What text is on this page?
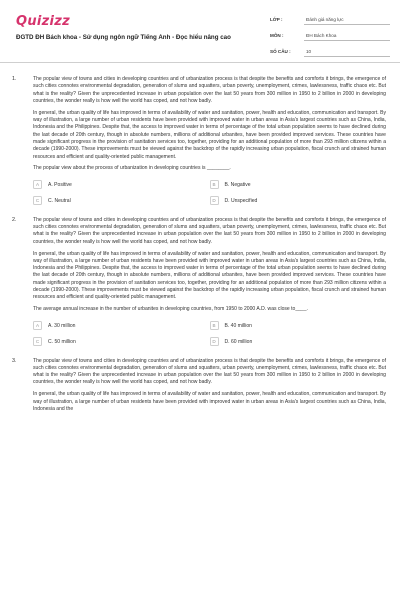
Quizizz
ĐGTD ĐH Bách khoa - Sử dụng ngôn ngữ Tiếng Anh - Đọc hiểu nâng cao
LỚP :	Đánh giá năng lực
MÔN :	ĐH Bách Khoa
SỐ CÂU :	10
1.	The popular view of towns and cities in developing countries and of urbanization process is that despite the benefits and comforts it brings, the emergence of such cities connotes environmental degradation, generation of slums and squatters, urban poverty, unemployment, crimes, lawlessness, traffic chaos etc. But what is the reality? Given the unprecedented increase in urban population over the last 50 years from 300 million in 1950 to 2 billion in 2000 in developing countries, the wonder really is how well the world has coped, and not how badly.

In general, the urban quality of life has improved in terms of availability of water and sanitation, power, health and education, communication and transport. By way of illustration, a large number of urban residents have been provided with improved water in urban areas in Asia's largest countries such as China, India, Indonesia and the Philippines. Despite that, the access to improved water in terms of percentage of the total urban population seems to have declined during the last decade of 20th century, though in absolute numbers, millions of additional urbanites, have been provided improved services. These countries have made significant progress in the provision of sanitation services too, together, providing for an additional population of more than 293 million citizens within a decade (1990-2000). These improvements must be viewed against the backdrop of the rapidly increasing urban population, fiscal crunch and strained human resources and efficient and quality-oriented public management.

The popular view about the process of urbanization in developing countries is ________.

A	A. Positive	B	B. Negative
C	C. Neutral	D	D. Unspecified
2.	The popular view of towns and cities in developing countries and of urbanization process is that despite the benefits and comforts it brings, the emergence of such cities connotes environmental degradation, generation of slums and squatters, urban poverty, unemployment, crimes, lawlessness, traffic chaos etc. But what is the reality? Given the unprecedented increase in urban population over the last 50 years from 300 million in 1950 to 2 billion in 2000 in developing countries, the wonder really is how well the world has coped, and not how badly.

In general, the urban quality of life has improved in terms of availability of water and sanitation, power, health and education, communication and transport. By way of illustration, a large number of urban residents have been provided with improved water in urban areas in Asia's largest countries such as China, India, Indonesia and the Philippines. Despite that, the access to improved water in terms of percentage of the total urban population seems to have declined during the last decade of 20th century, though in absolute numbers, millions of additional urbanites, have been provided improved services. These countries have made significant progress in the provision of sanitation services too, together, providing for an additional population of more than 293 million citizens within a decade (1990-2000). These improvements must be viewed against the backdrop of the rapidly increasing urban population, fiscal crunch and strained human resources and efficient and quality-oriented public management.

The average annual increase in the number of urbanites in developing countries, from 1950 to 2000 A.D. was close to____.

A	A. 30 million	B	B. 40 million
C	C. 50 million	D	D. 60 million
3.	The popular view of towns and cities in developing countries and of urbanization process is that despite the benefits and comforts it brings, the emergence of such cities connotes environmental degradation, generation of slums and squatters, urban poverty, unemployment, crimes, lawlessness, traffic chaos etc. But what is the reality? Given the unprecedented increase in urban population over the last 50 years from 300 million in 1950 to 2 billion in 2000 in developing countries, the wonder really is how well the world has coped, and not how badly.

In general, the urban quality of life has improved in terms of availability of water and sanitation, power, health and education, communication and transport. By way of illustration, a large number of urban residents have been provided with improved water in urban areas in Asia's largest countries such as China, India, Indonesia and the
